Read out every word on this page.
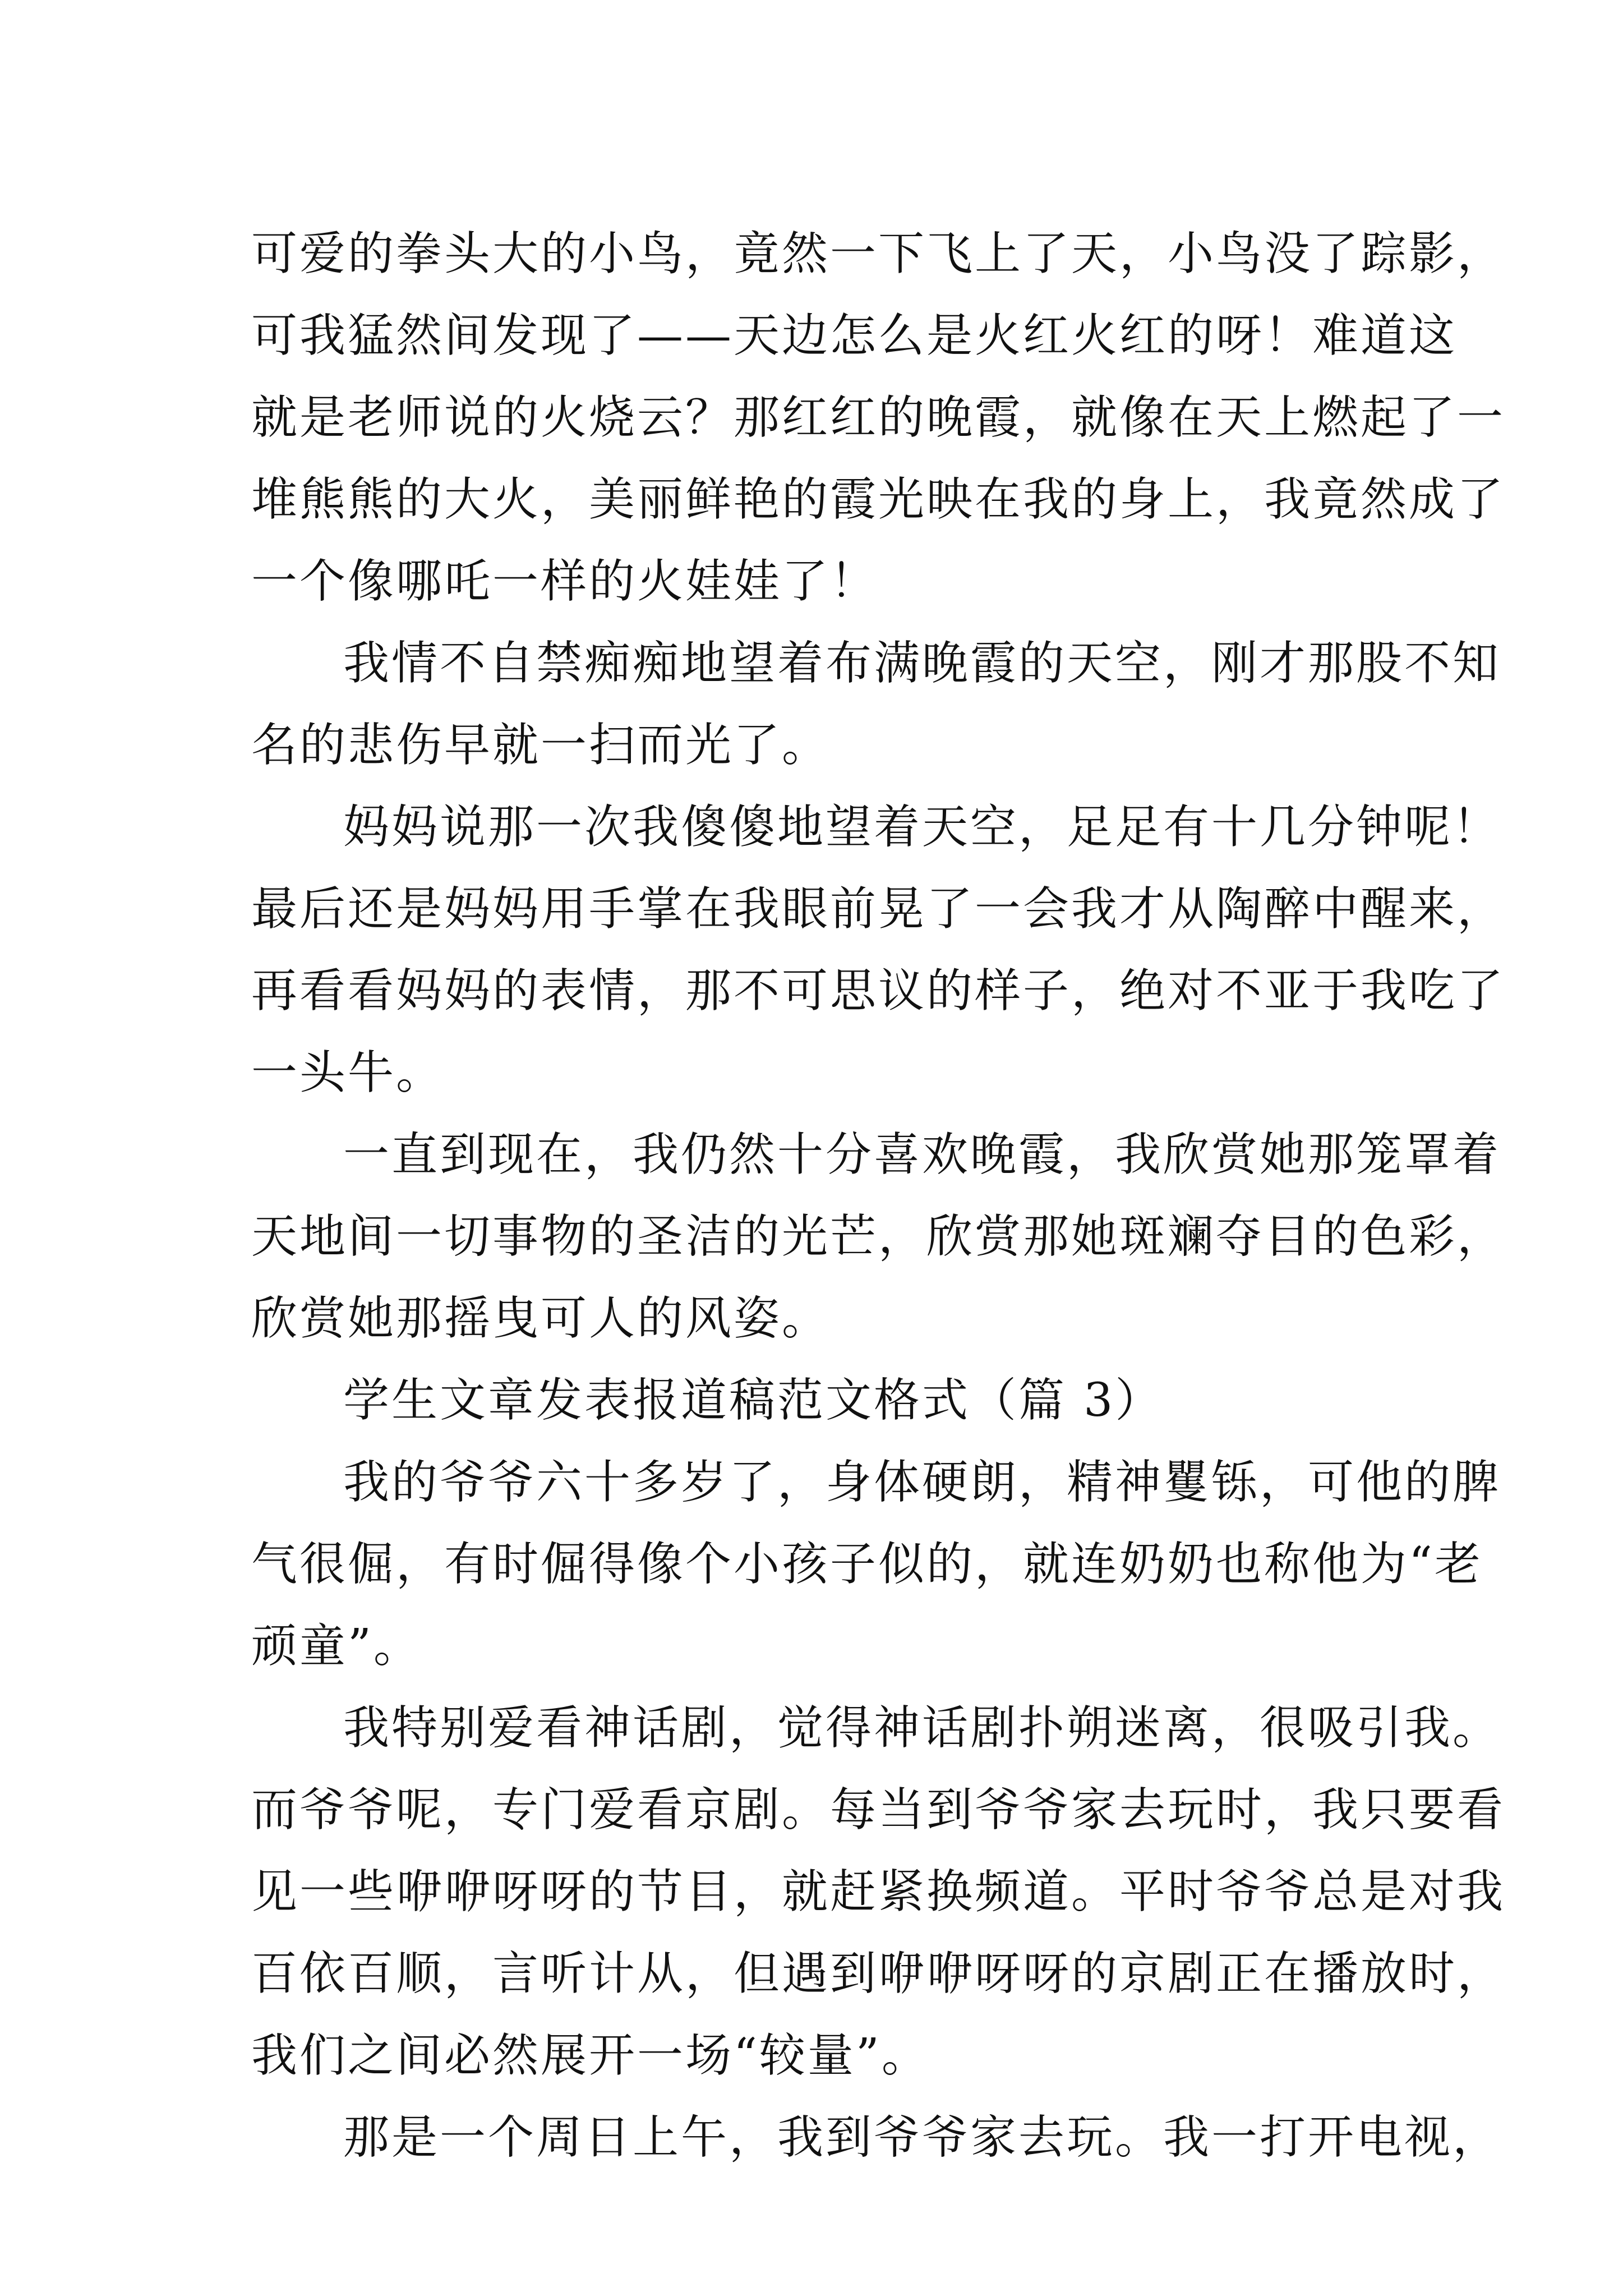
可爱的拳头大的小鸟，竟然一下飞上了天，小鸟没了踪影，
可我猛然间发现了——天边怎么是火红火红的呀！难道这
就是老师说的火烧云？那红红的晚霞，就像在天上燃起了一
堆熊熊的大火，美丽鲜艳的霞光映在我的身上，我竟然成了
一个像哪吒一样的火娃娃了！
我情不自禁痴痴地望着布满晚霞的天空，刚才那股不知
名的悲伤早就一扫而光了。
妈妈说那一次我傻傻地望着天空，足足有十几分钟呢！
最后还是妈妈用手掌在我眼前晃了一会我才从陶醉中醒来，
再看看妈妈的表情，那不可思议的样子，绝对不亚于我吃了
一头牛。
一直到现在，我仍然十分喜欢晚霞，我欣赏她那笼罩着
天地间一切事物的圣洁的光芒，欣赏那她斑斓夺目的色彩，
欣赏她那摇曳可人的风姿。
学生文章发表报道稿范文格式（篇 3）
我的爷爷六十多岁了，身体硬朗，精神矍铄，可他的脾
气很倔，有时倔得像个小孩子似的，就连奶奶也称他为“老
顽童”。
我特别爱看神话剧，觉得神话剧扑朔迷离，很吸引我。
而爷爷呢，专门爱看京剧。每当到爷爷家去玩时，我只要看
见一些咿咿呀呀的节目，就赶紧换频道。平时爷爷总是对我
百依百顺，言听计从，但遇到咿咿呀呀的京剧正在播放时，
我们之间必然展开一场“较量”。
那是一个周日上午，我到爷爷家去玩。我一打开电视，
